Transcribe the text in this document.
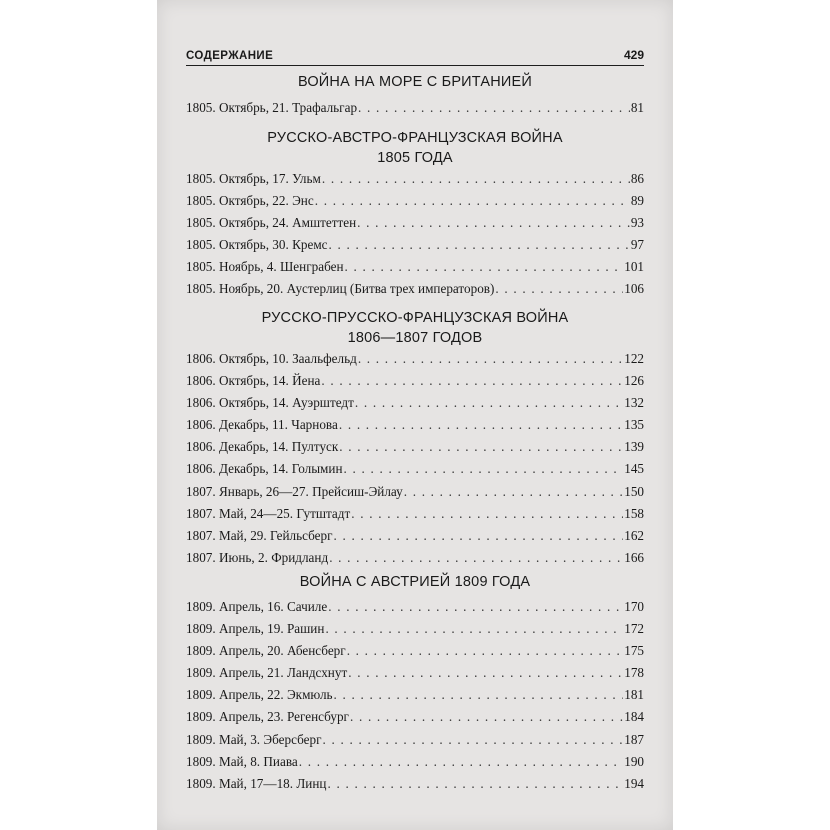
СОДЕРЖАНИЕ	429
ВОЙНА НА МОРЕ С БРИТАНИЕЙ
1805. Октябрь, 21. Трафальгар . . .	81
РУССКО-АВСТРО-ФРАНЦУЗСКАЯ ВОЙНА
1805 ГОДА
1805. Октябрь, 17. Ульм . . .	86
1805. Октябрь, 22. Энс . . .	89
1805. Октябрь, 24. Амштеттен . . .	93
1805. Октябрь, 30. Кремс . . .	97
1805. Ноябрь, 4. Шенграбен . . .	101
1805. Ноябрь, 20. Аустерлиц (Битва трех императоров) . . .	106
РУССКО-ПРУССКО-ФРАНЦУЗСКАЯ ВОЙНА
1806—1807 ГОДОВ
1806. Октябрь, 10. Заальфельд . . .	122
1806. Октябрь, 14. Йена . . .	126
1806. Октябрь, 14. Ауэрштедт . . .	132
1806. Декабрь, 11. Чарнова . . .	135
1806. Декабрь, 14. Пултуск . . .	139
1806. Декабрь, 14. Голымин . . .	145
1807. Январь, 26—27. Прейсиш-Эйлау . . .	150
1807. Май, 24—25. Гутштадт . . .	158
1807. Май, 29. Гейльсберг . . .	162
1807. Июнь, 2. Фридланд . . .	166
ВОЙНА С АВСТРИЕЙ 1809 ГОДА
1809. Апрель, 16. Сачиле . . .	170
1809. Апрель, 19. Рашин . . .	172
1809. Апрель, 20. Абенсберг . . .	175
1809. Апрель, 21. Ландсхнут . . .	178
1809. Апрель, 22. Экмюль . . .	181
1809. Апрель, 23. Регенсбург . . .	184
1809. Май, 3. Эберсберг . . .	187
1809. Май, 8. Пиава . . .	190
1809. Май, 17—18. Линц . . .	194
